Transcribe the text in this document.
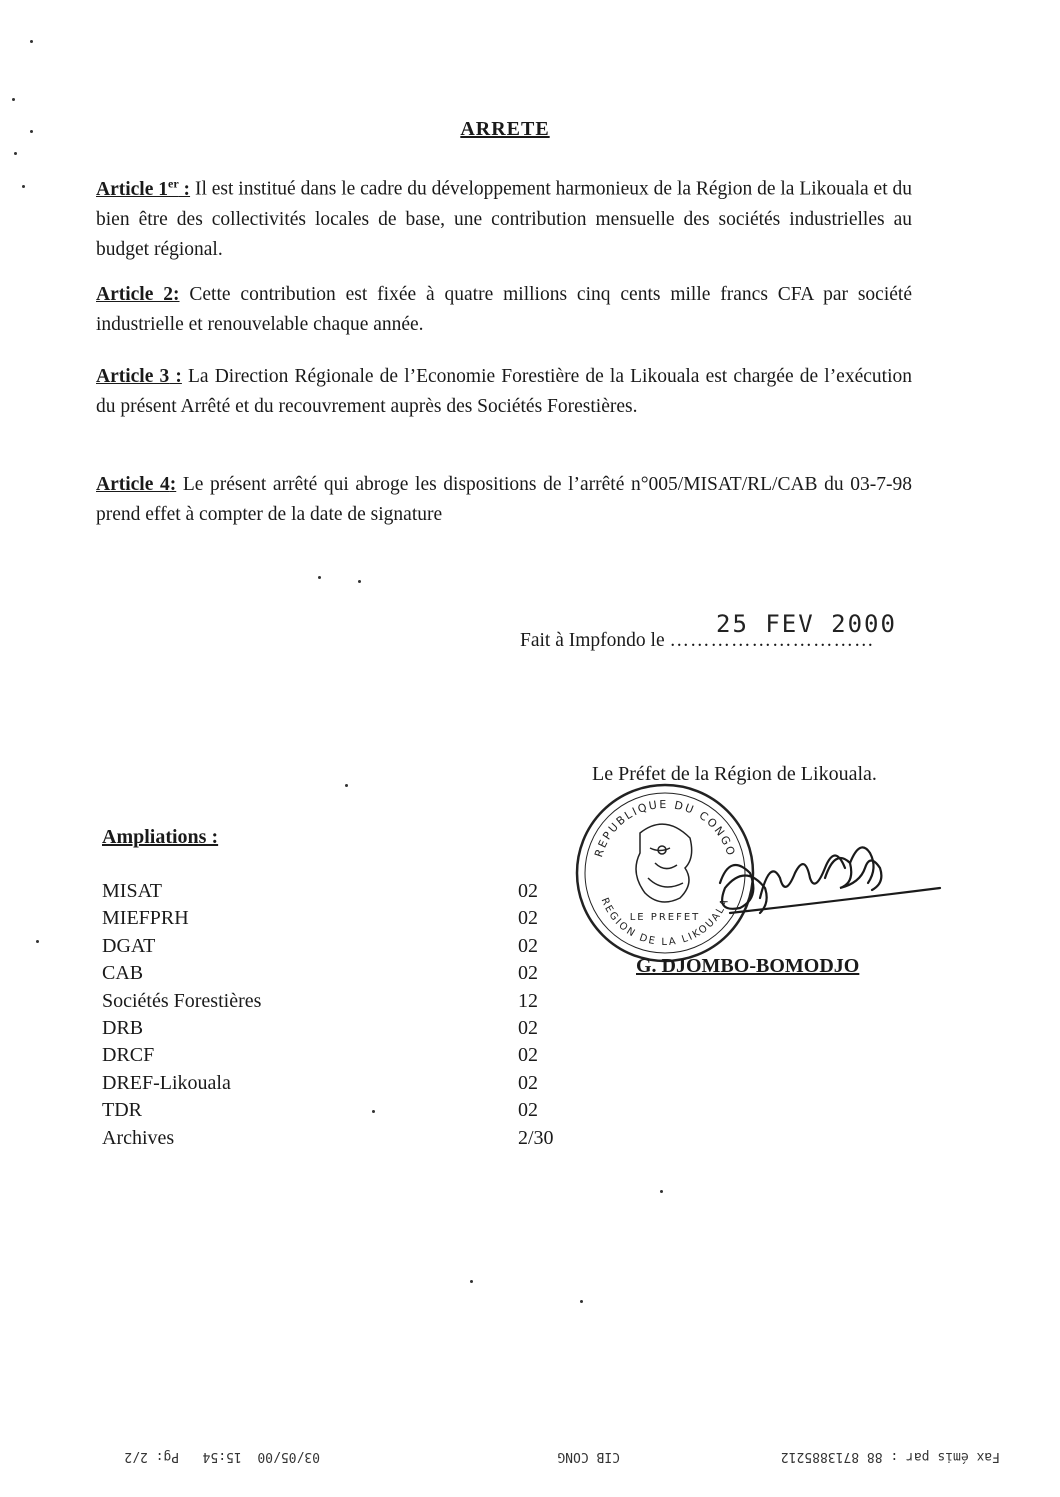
ARRETE
Article 1er : Il est institué dans le cadre du développement harmonieux de la Région de la Likouala et du bien être des collectivités locales de base, une contribution mensuelle des sociétés industrielles au budget régional.
Article 2: Cette contribution est fixée à quatre millions cinq cents mille francs CFA par société industrielle et renouvelable chaque année.
Article 3 : La Direction Régionale de l’Economie Forestière de la Likouala est chargée de l’exécution du présent Arrêté et du recouvrement auprès des Sociétés Forestières.
Article 4: Le présent arrêté qui abroge les dispositions de l’arrêté n°005/MISAT/RL/CAB du 03-7-98 prend effet à compter de la date de signature
25 FEV 2000
Fait à Impfondo le …………………………
Le Préfet de la Région de Likouala.
REPUBLIQUE DU CONGO
REGION DE LA LIKOUALA
LE PREFET
G. DJOMBO-BOMODJO
Ampliations :
MISAT	02
MIEFPRH	02
DGAT	02
CAB	02
Sociétés Forestières	12
DRB	02
DRCF	02
DREF-Likouala	02
TDR	02
Archives	2/30
Fax émis par : 88 8713885212
CIB CONG
03/05/00  15:54   Pg: 2/2
